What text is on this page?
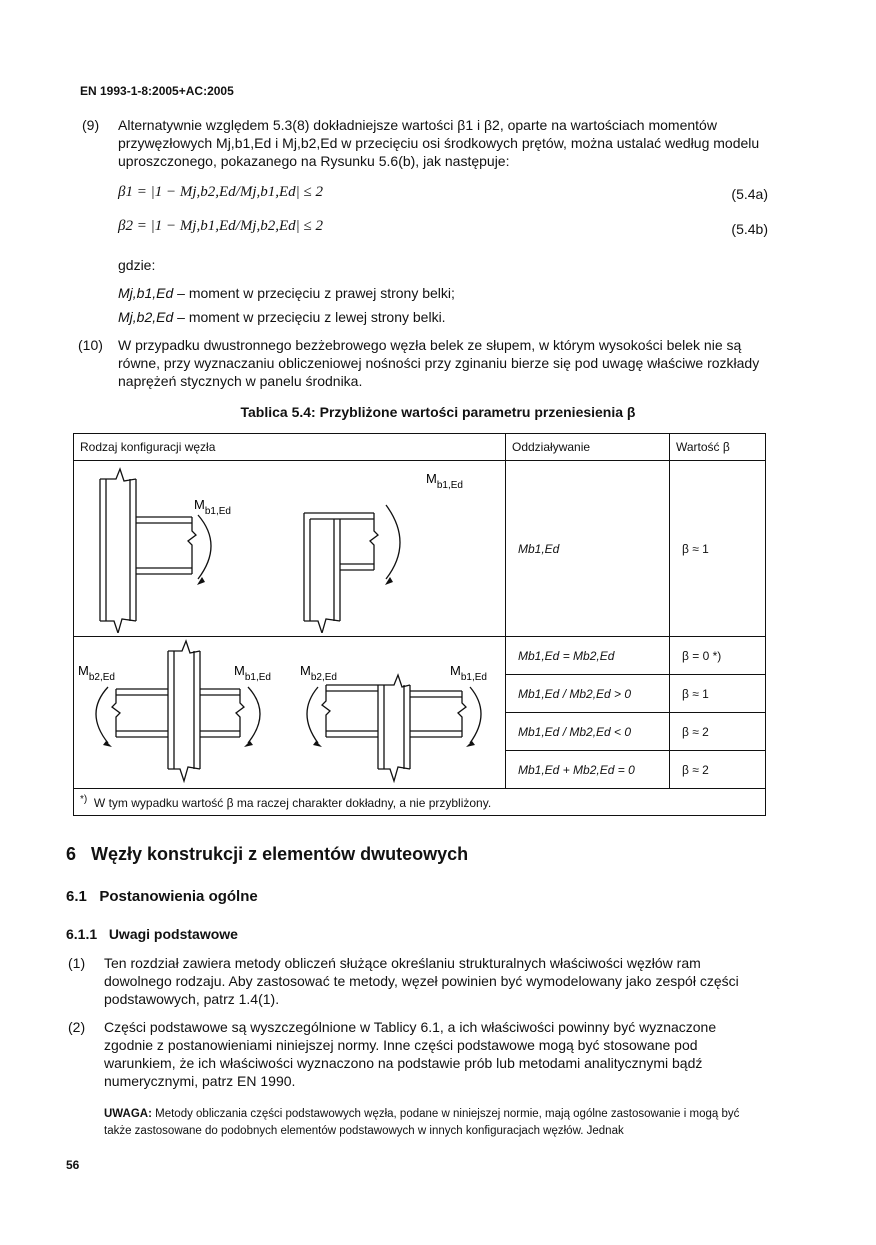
EN 1993-1-8:2005+AC:2005
(9)	Alternatywnie względem 5.3(8) dokładniejsze wartości β1 i β2, oparte na wartościach momentów przywęzłowych Mj,b1,Ed i Mj,b2,Ed w przecięciu osi środkowych prętów, można ustalać według modelu uproszczonego, pokazanego na Rysunku 5.6(b), jak następuje:
β1 = |1 − Mj,b2,Ed/Mj,b1,Ed| ≤ 2	(5.4a)
β2 = |1 − Mj,b1,Ed/Mj,b2,Ed| ≤ 2	(5.4b)
gdzie:
Mj,b1,Ed – moment w przecięciu z prawej strony belki;
Mj,b2,Ed – moment w przecięciu z lewej strony belki.
(10)	W przypadku dwustronnego bezżebrowego węzła belek ze słupem, w którym wysokości belek nie są równe, przy wyznaczaniu obliczeniowej nośności przy zginaniu bierze się pod uwagę właściwe rozkłady naprężeń stycznych w panelu środnika.
Tablica 5.4: Przybliżone wartości parametru przeniesienia β
Rodzaj konfiguracji węzła	Oddziaływanie	Wartość β

$M_{b1,Ed}$
$M_{b1,Ed}$	Mb1,Ed	β ≈ 1

$M_{b2,Ed}$ $M_{b1,Ed}$ $M_{b2,Ed}$ $M_{b1,Ed}$	Mb1,Ed = Mb2,Ed	β = 0 *)
	Mb1,Ed / Mb2,Ed > 0	β ≈ 1
	Mb1,Ed / Mb2,Ed < 0	β ≈ 2
	Mb1,Ed + Mb2,Ed = 0	β ≈ 2
*) W tym wypadku wartość β ma raczej charakter dokładny, a nie przybliżony.		
6 Węzły konstrukcji z elementów dwuteowych
6.1 Postanowienia ogólne
6.1.1 Uwagi podstawowe
(1)	Ten rozdział zawiera metody obliczeń służące określaniu strukturalnych właściwości węzłów ram dowolnego rodzaju. Aby zastosować te metody, węzeł powinien być wymodelowany jako zespół części podstawowych, patrz 1.4(1).
(2)	Części podstawowe są wyszczególnione w Tablicy 6.1, a ich właściwości powinny być wyznaczone zgodnie z postanowieniami niniejszej normy. Inne części podstawowe mogą być stosowane pod warunkiem, że ich właściwości wyznaczono na podstawie prób lub metodami analitycznymi bądź numerycznymi, patrz EN 1990.
UWAGA: Metody obliczania części podstawowych węzła, podane w niniejszej normie, mają ogólne zastosowanie i mogą być także zastosowane do podobnych elementów podstawowych w innych konfiguracjach węzłów. Jednak
56
